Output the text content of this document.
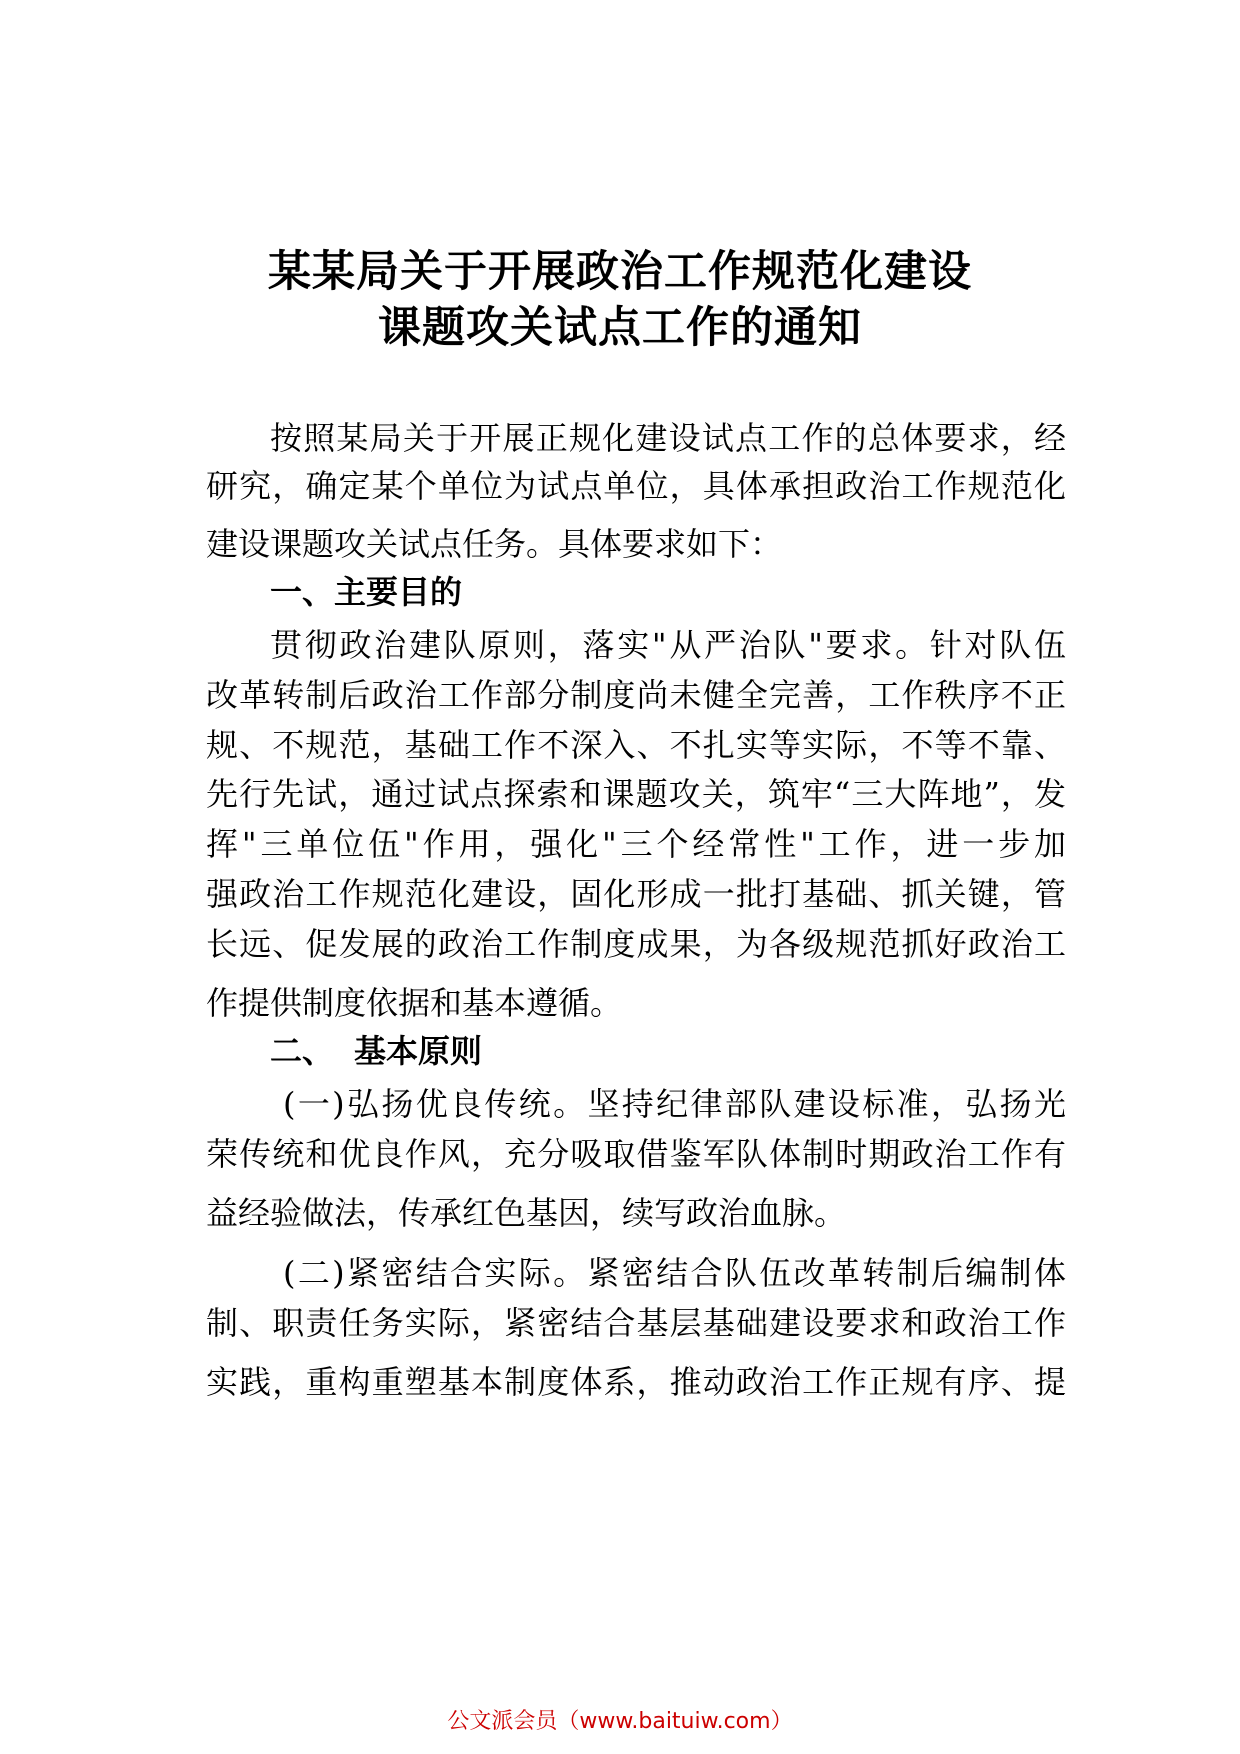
某某局关于开展政治工作规范化建设
课题攻关试点工作的通知
按照某局关于开展正规化建设试点工作的总体要求，经
研究，确定某个单位为试点单位，具体承担政治工作规范化
建设课题攻关试点任务。具体要求如下：
一、主要目的
贯彻政治建队原则，落实"从严治队"要求。针对队伍
改革转制后政治工作部分制度尚未健全完善，工作秩序不正
规、不规范，基础工作不深入、不扎实等实际，不等不靠、
先行先试，通过试点探索和课题攻关，筑牢“三大阵地”，发
挥"三单位伍"作用，强化"三个经常性"工作，进一步加
强政治工作规范化建设，固化形成一批打基础、抓关键，管
长远、促发展的政治工作制度成果，为各级规范抓好政治工
作提供制度依据和基本遵循。
二、 基本原则
(一)弘扬优良传统。坚持纪律部队建设标准，弘扬光
荣传统和优良作风，充分吸取借鉴军队体制时期政治工作有
益经验做法，传承红色基因，续写政治血脉。
(二)紧密结合实际。紧密结合队伍改革转制后编制体
制、职责任务实际，紧密结合基层基础建设要求和政治工作
实践，重构重塑基本制度体系，推动政治工作正规有序、提
公文派会员（www.baituiw.com）
